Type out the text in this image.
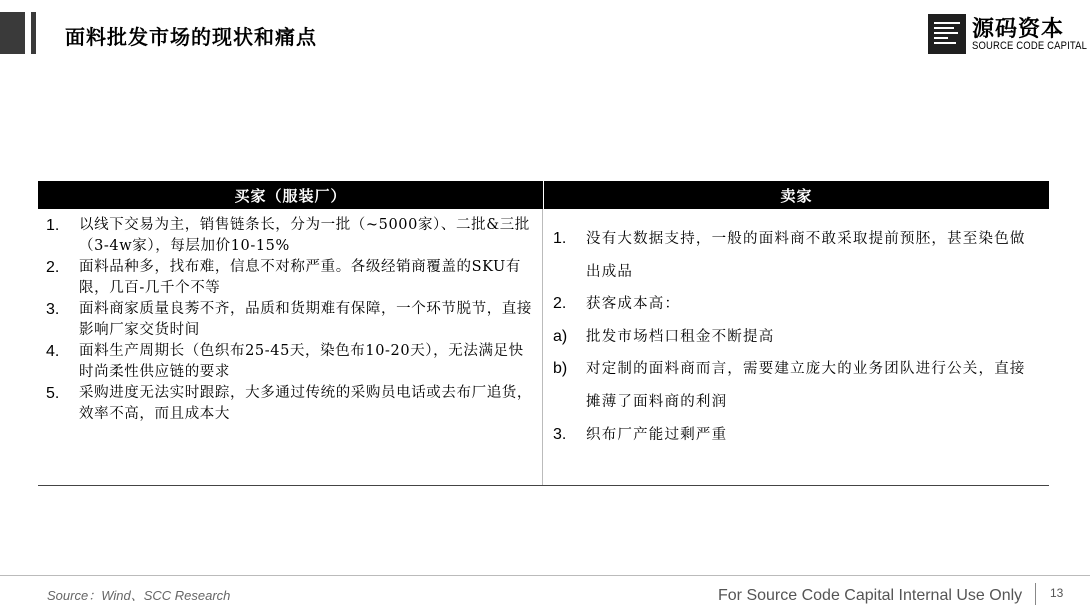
面料批发市场的现状和痛点	源码资本
SOURCE CODE CAPITAL
买家（服装厂）	卖家
1.	以线下交易为主，销售链条长，分为一批（~5000家）、二批&三批（3-4w家），每层加价10-15%
2.	面料品种多，找布难，信息不对称严重。各级经销商覆盖的SKU有限，几百-几千个不等
3.	面料商家质量良莠不齐，品质和货期难有保障，一个环节脱节，直接影响厂家交货时间
4.	面料生产周期长（色织布25-45天，染色布10-20天），无法满足快时尚柔性供应链的要求
5.	采购进度无法实时跟踪，大多通过传统的采购员电话或去布厂追货，效率不高，而且成本大
1.	没有大数据支持，一般的面料商不敢采取提前预胚，甚至染色做出成品
2.	获客成本高：
a)	批发市场档口租金不断提高
b)	对定制的面料商而言，需要建立庞大的业务团队进行公关，直接摊薄了面料商的利润
3.	织布厂产能过剩严重
Source：Wind、SCC Research	For Source Code Capital Internal Use Only 13
